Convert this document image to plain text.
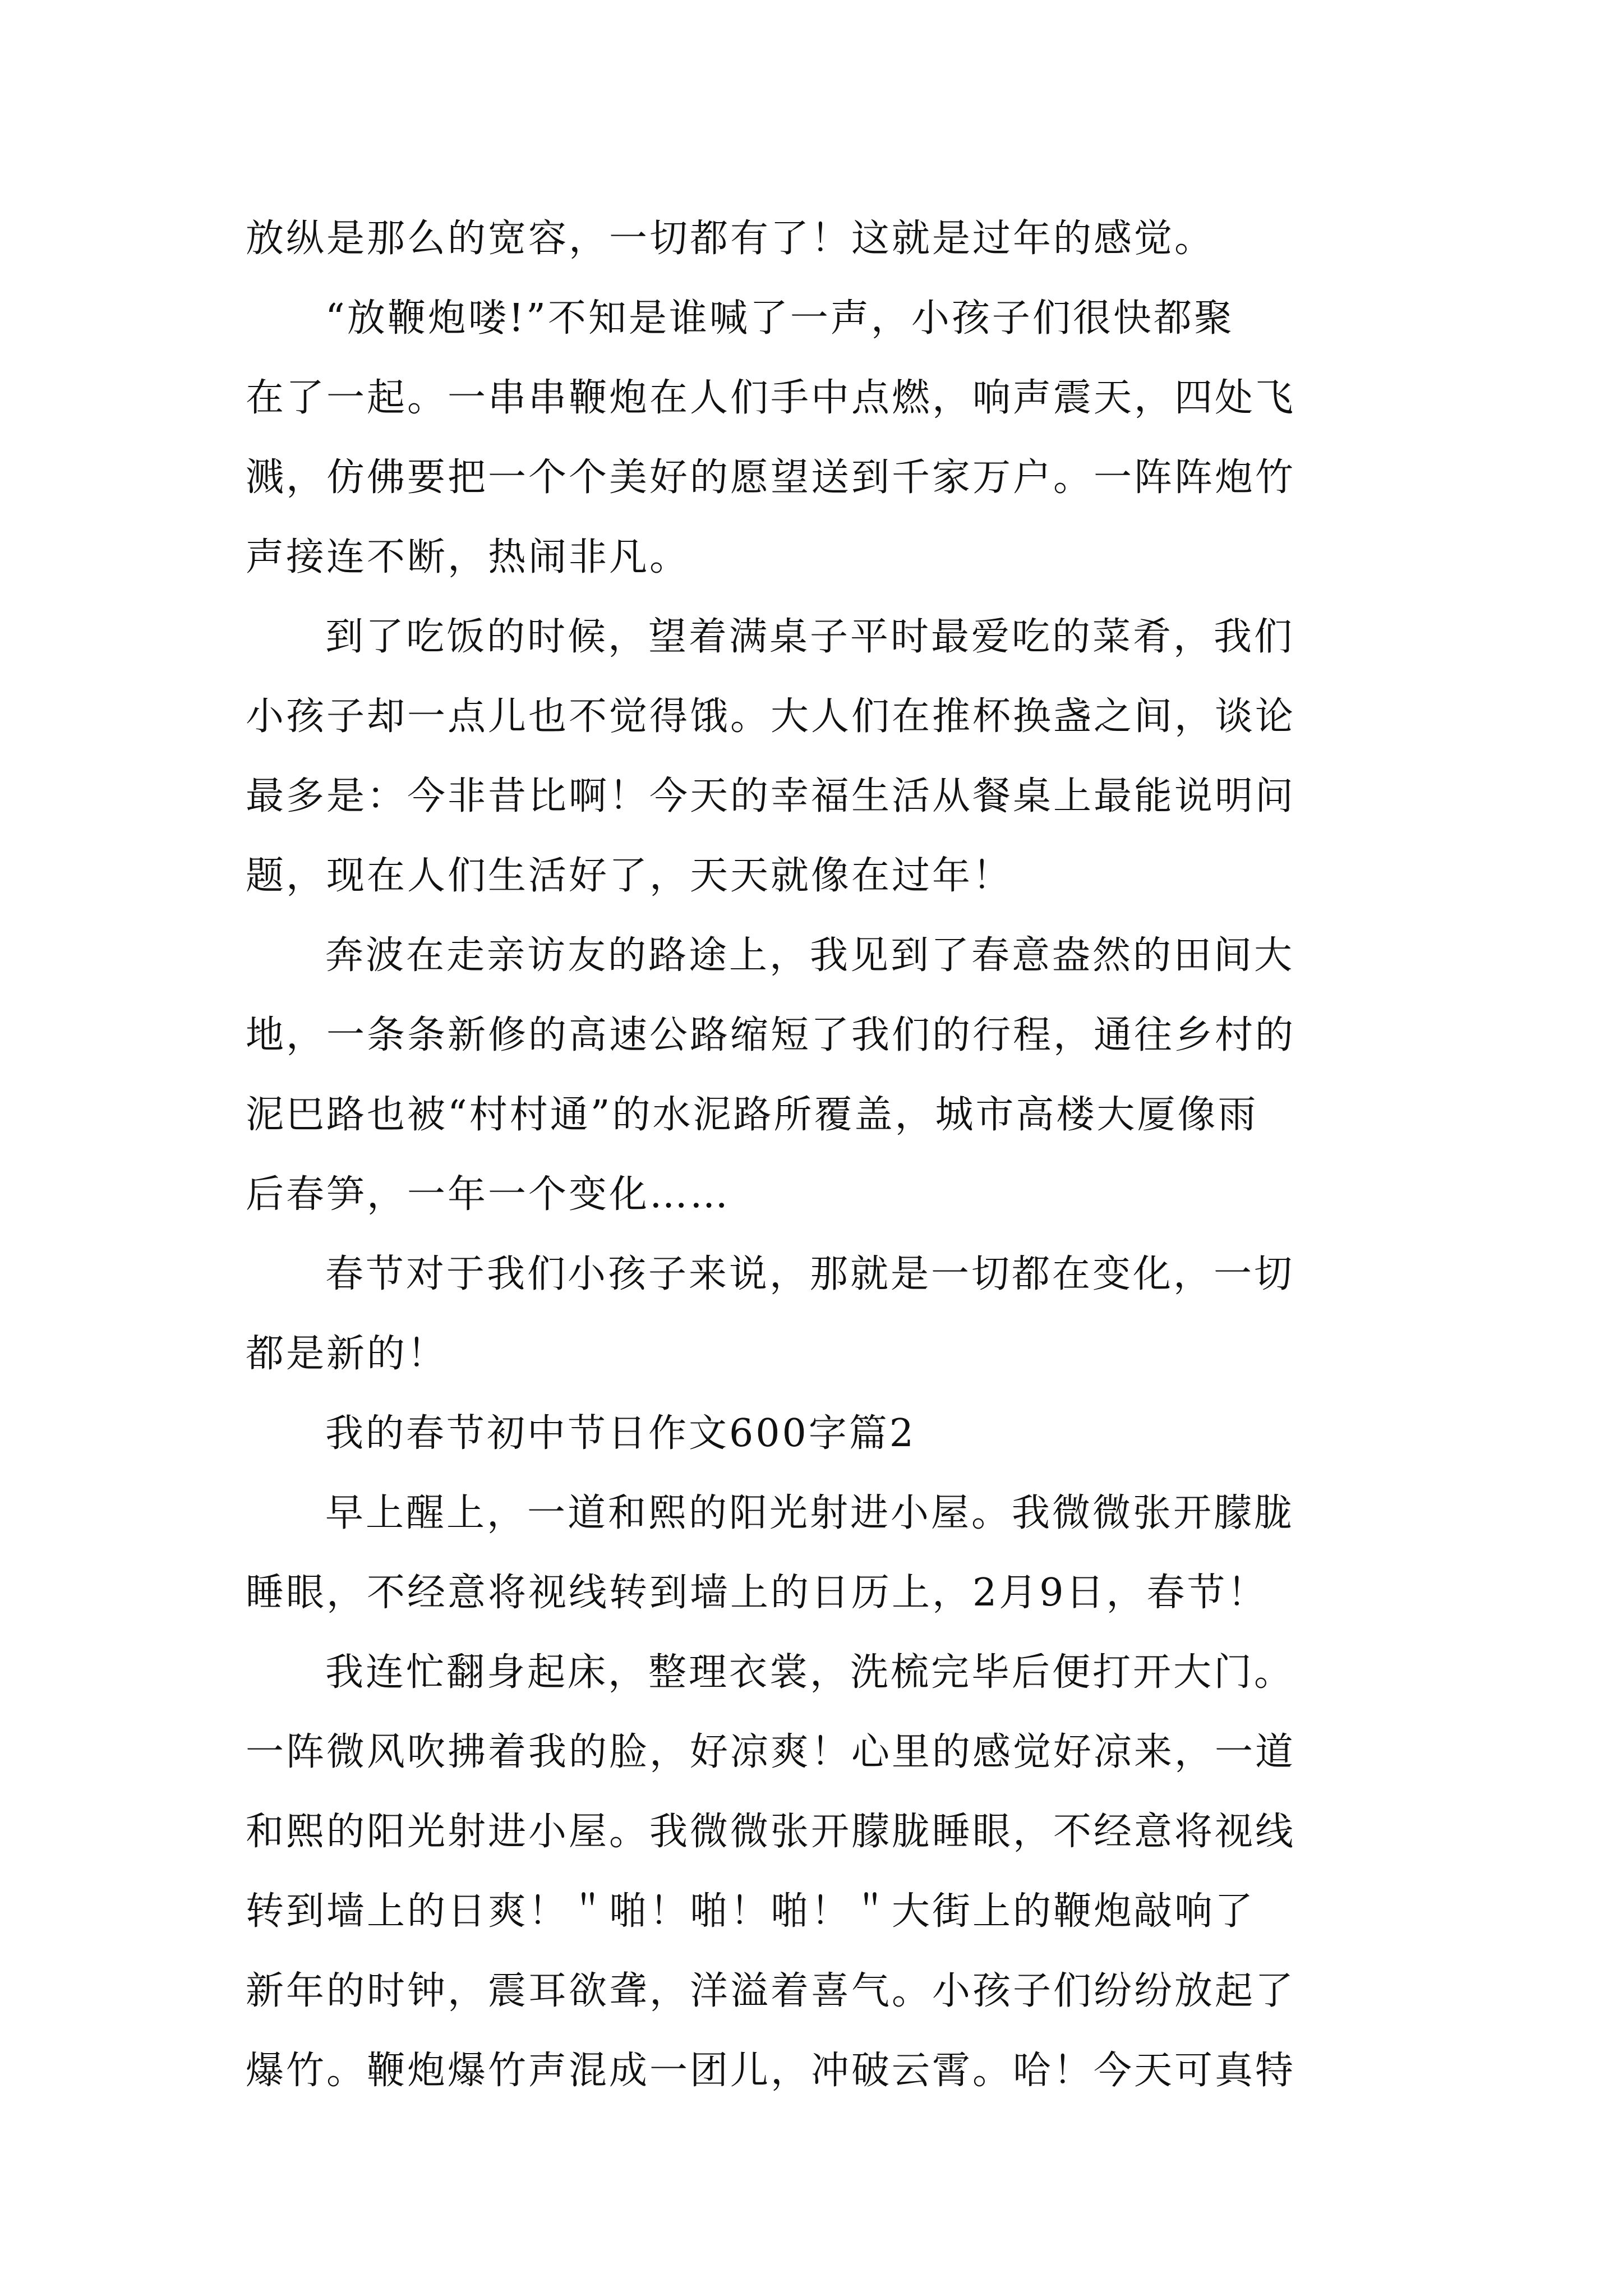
放纵是那么的宽容，一切都有了！这就是过年的感觉。
“放鞭炮喽!”不知是谁喊了一声，小孩子们很快都聚
在了一起。一串串鞭炮在人们手中点燃，响声震天，四处飞
溅，仿佛要把一个个美好的愿望送到千家万户。一阵阵炮竹
声接连不断，热闹非凡。
到了吃饭的时候，望着满桌子平时最爱吃的菜肴，我们
小孩子却一点儿也不觉得饿。大人们在推杯换盏之间，谈论
最多是：今非昔比啊！今天的幸福生活从餐桌上最能说明问
题，现在人们生活好了，天天就像在过年！
奔波在走亲访友的路途上，我见到了春意盎然的田间大
地，一条条新修的高速公路缩短了我们的行程，通往乡村的
泥巴路也被“村村通”的水泥路所覆盖，城市高楼大厦像雨
后春笋，一年一个变化……
春节对于我们小孩子来说，那就是一切都在变化，一切
都是新的！
我的春节初中节日作文600字篇2
早上醒上，一道和熙的阳光射进小屋。我微微张开朦胧
睡眼，不经意将视线转到墙上的日历上，2月9日，春节！
我连忙翻身起床，整理衣裳，洗梳完毕后便打开大门。
一阵微风吹拂着我的脸，好凉爽！心里的感觉好凉来，一道
和熙的阳光射进小屋。我微微张开朦胧睡眼，不经意将视线
转到墙上的日爽！＂啪！啪！啪！＂大街上的鞭炮敲响了
新年的时钟，震耳欲聋，洋溢着喜气。小孩子们纷纷放起了
爆竹。鞭炮爆竹声混成一团儿，冲破云霄。哈！今天可真特
